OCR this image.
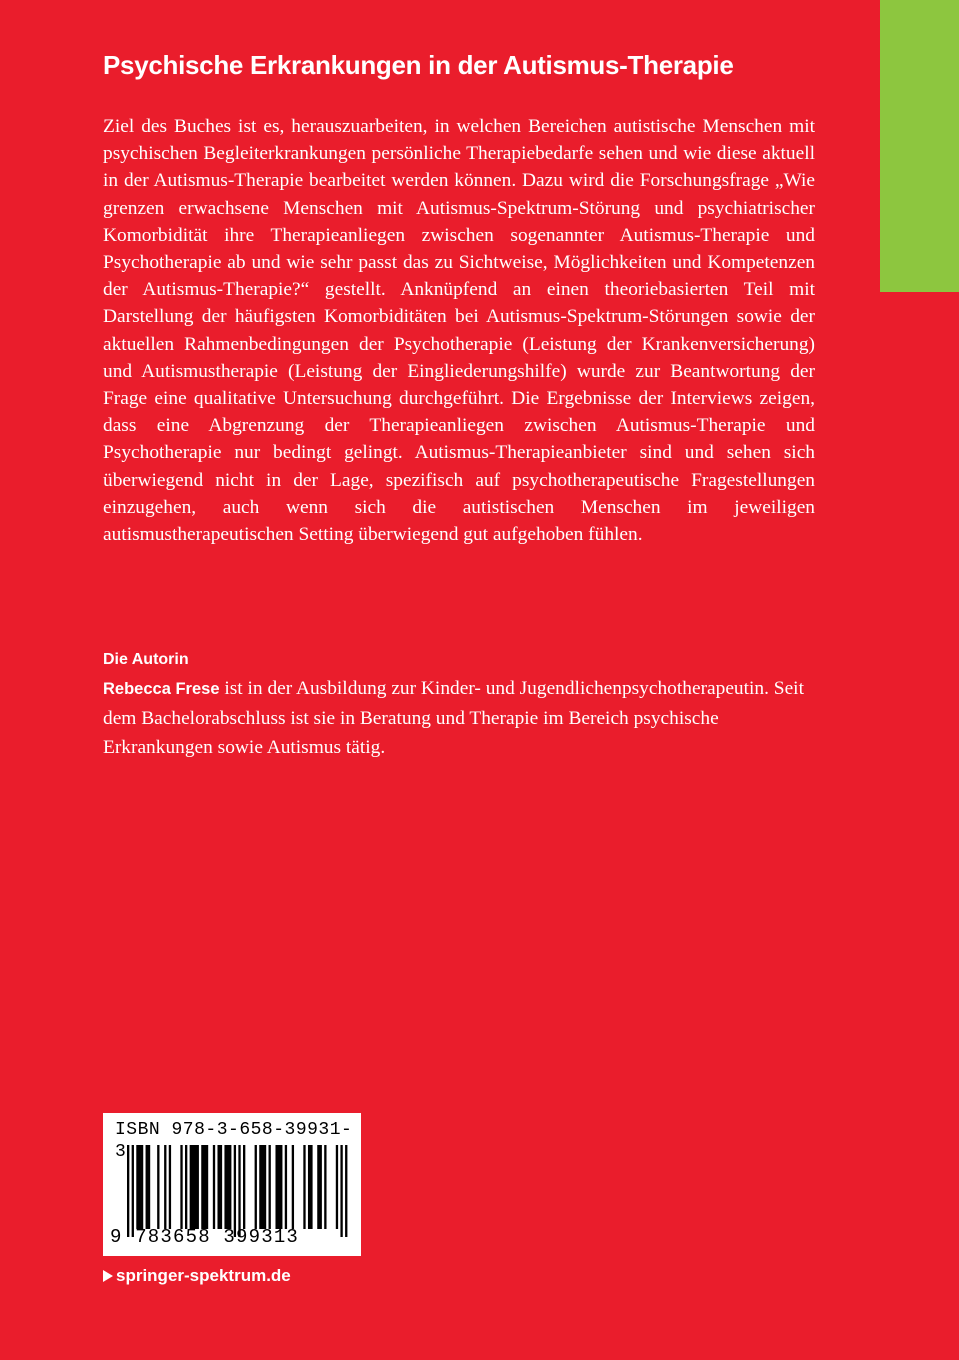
Psychische Erkrankungen in der Autismus-Therapie

Ziel des Buches ist es, herauszuarbeiten, in welchen Bereichen autistische Menschen mit psychischen Begleiterkrankungen persönliche Therapiebedarfe sehen und wie diese aktuell in der Autismus-Therapie bearbeitet werden können. Dazu wird die Forschungsfrage „Wie grenzen erwachsene Menschen mit Autismus-Spektrum-Störung und psychiatrischer Komorbidität ihre Therapieanliegen zwischen sogenannter Autismus-Therapie und Psychotherapie ab und wie sehr passt das zu Sichtweise, Möglichkeiten und Kompetenzen der Autismus-Therapie?“ gestellt. Anknüpfend an einen theoriebasierten Teil mit Darstellung der häufigsten Komorbiditäten bei Autismus-Spektrum-Störungen sowie der aktuellen Rahmenbedingungen der Psychotherapie (Leistung der Krankenversicherung) und Autismustherapie (Leistung der Eingliederungshilfe) wurde zur Beantwortung der Frage eine qualitative Untersuchung durchgeführt. Die Ergebnisse der Interviews zeigen, dass eine Abgrenzung der Therapieanliegen zwischen Autismus-Therapie und Psychotherapie nur bedingt gelingt. Autismus-Therapieanbieter sind und sehen sich überwiegend nicht in der Lage, spezifisch auf psychotherapeutische Fragestellungen einzugehen, auch wenn sich die autistischen Menschen im jeweiligen autismustherapeutischen Setting überwiegend gut aufgehoben fühlen.

Die Autorin

Rebecca Frese ist in der Ausbildung zur Kinder- und Jugendlichenpsychotherapeutin. Seit dem Bachelorabschluss ist sie in Beratung und Therapie im Bereich psychische Erkrankungen sowie Autismus tätig.

ISBN 978-3-658-39931-3
9 783658 399313
springer-spektrum.de
